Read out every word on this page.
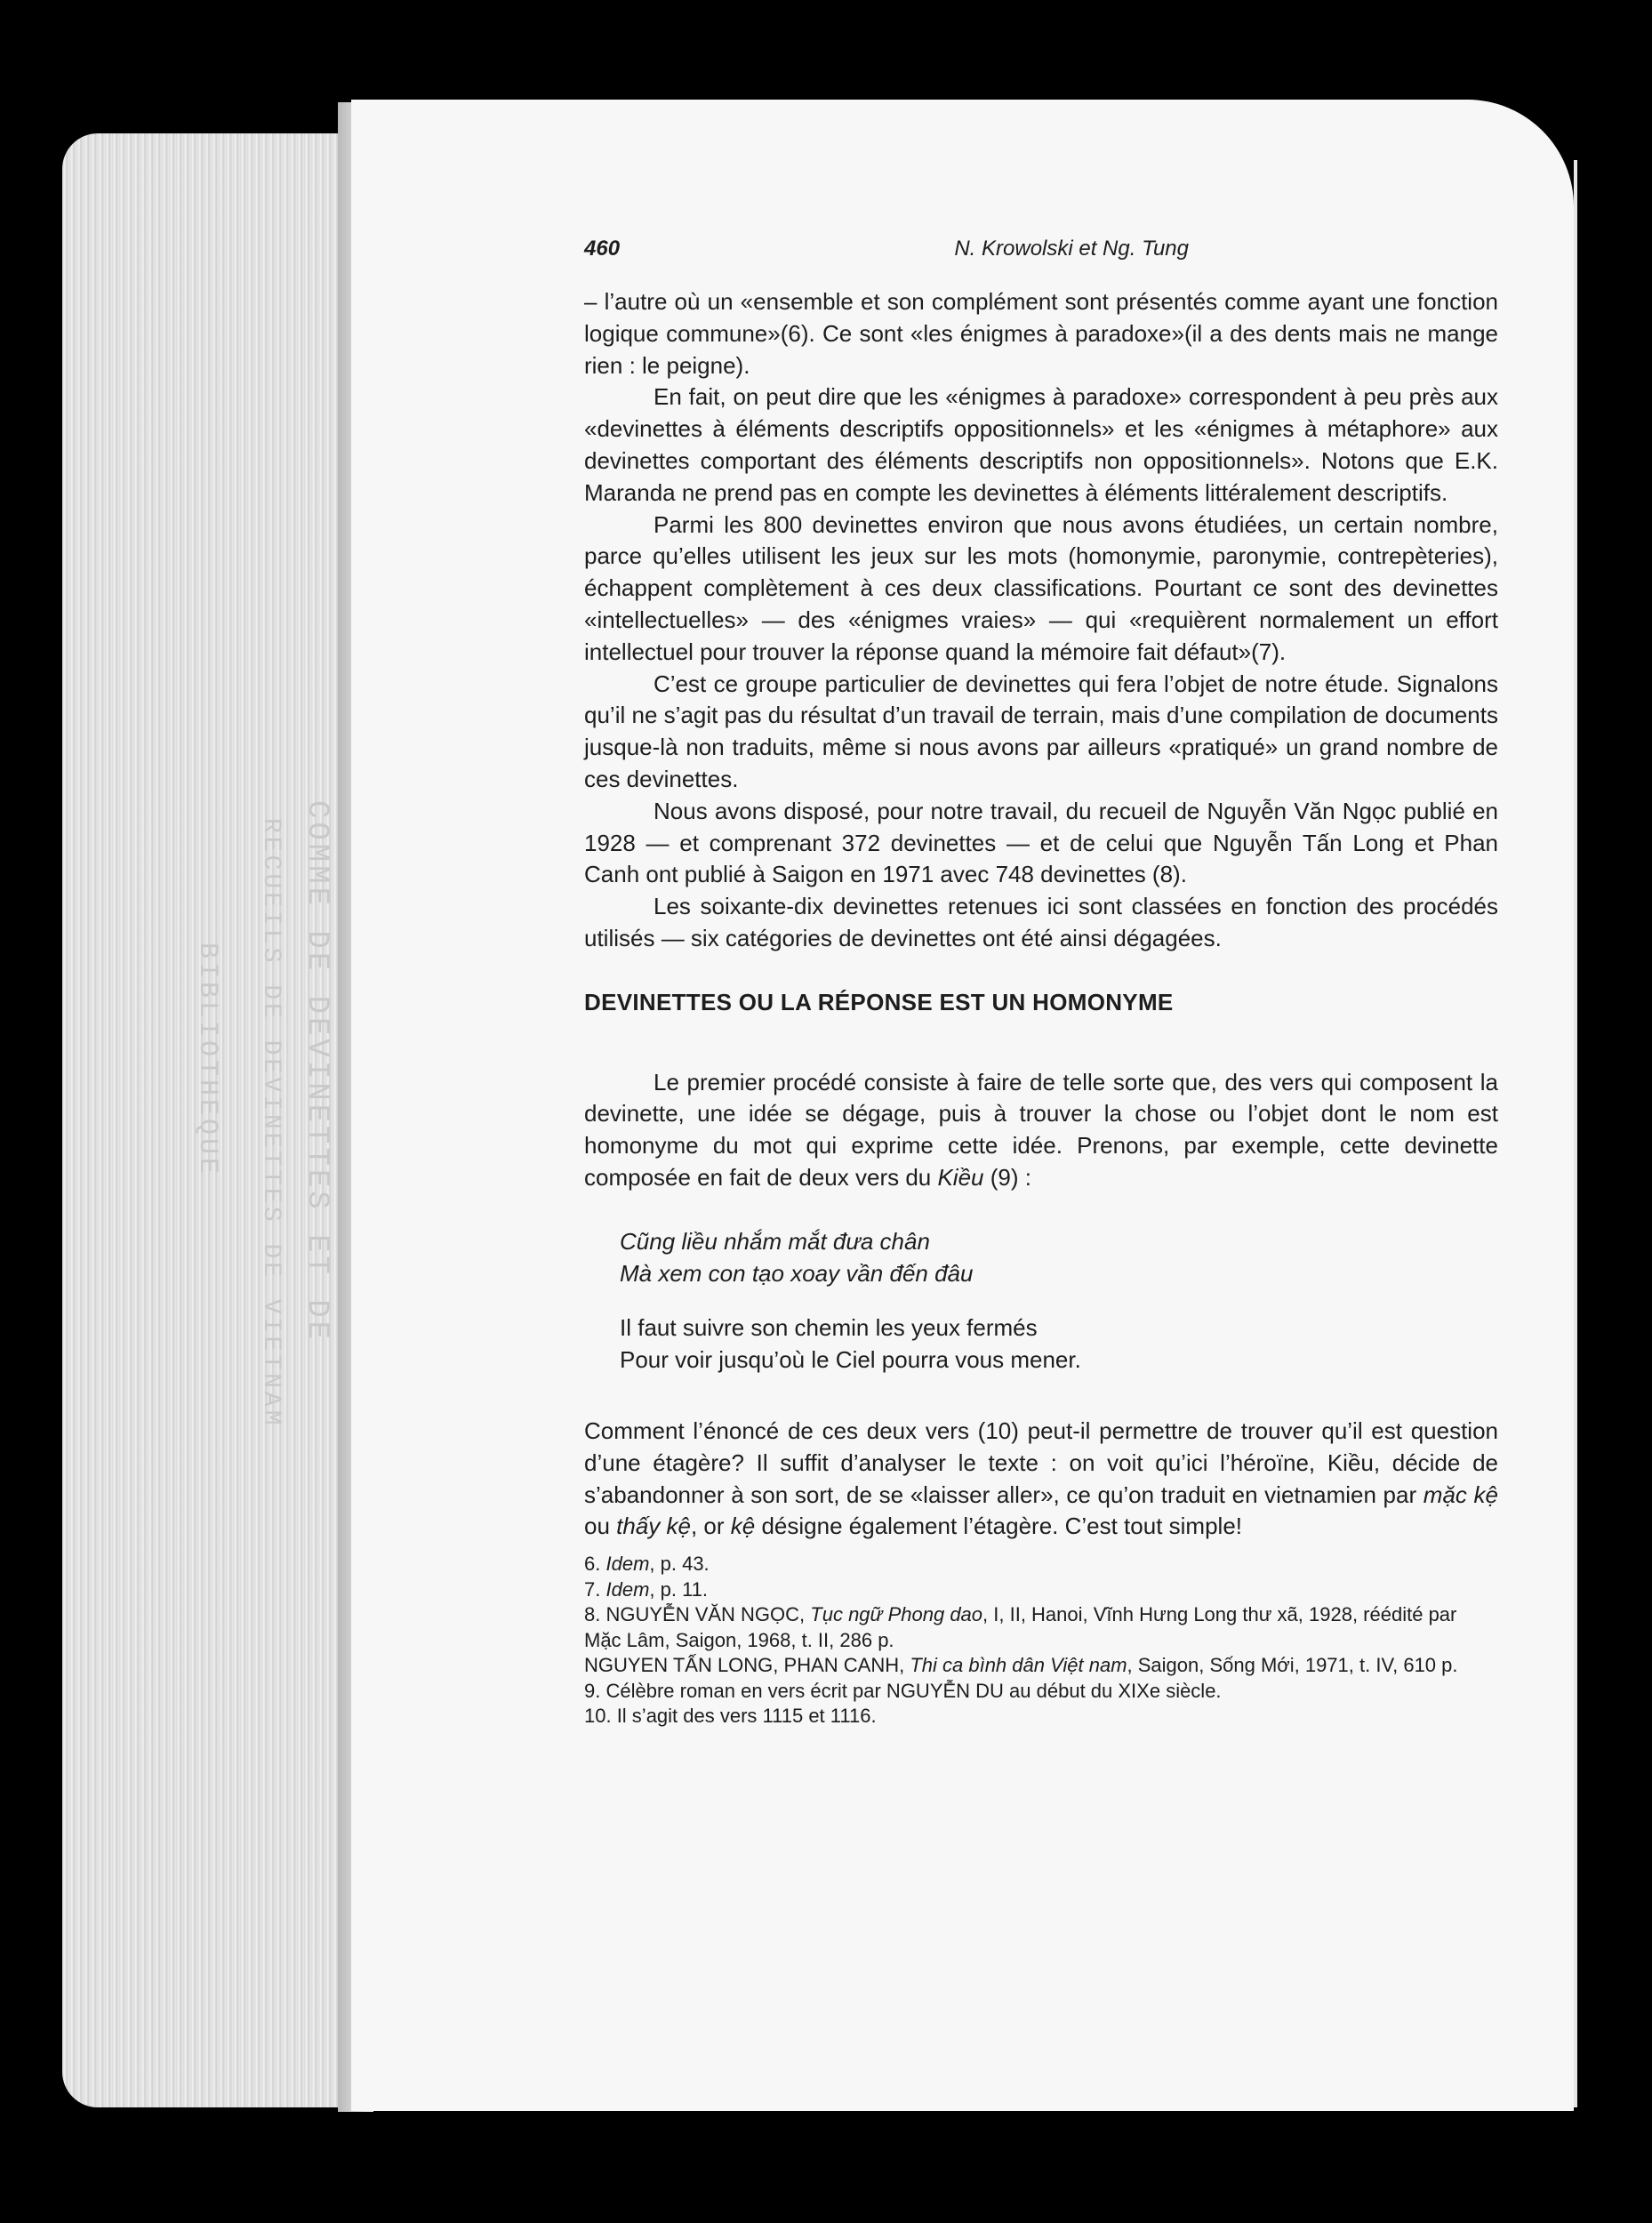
COMME DE DEVINETTES ET DE
RECUEILS DE DEVINETTES DE VIETNAM
BIBLIOTHEQUE
460	N. Krowolski et Ng. Tung

– l’autre où un «ensemble et son complément sont présentés comme ayant une fonction logique commune»(6). Ce sont «les énigmes à paradoxe»(il a des dents mais ne mange rien : le peigne).

En fait, on peut dire que les «énigmes à paradoxe» correspondent à peu près aux «devinettes à éléments descriptifs oppositionnels» et les «énigmes à métaphore» aux devinettes comportant des éléments descriptifs non oppositionnels». Notons que E.K. Maranda ne prend pas en compte les devinettes à éléments littéralement descriptifs.

Parmi les 800 devinettes environ que nous avons étudiées, un certain nombre, parce qu’elles utilisent les jeux sur les mots (homonymie, paronymie, contrepèteries), échappent complètement à ces deux classifications. Pourtant ce sont des devinettes «intellectuelles» — des «énigmes vraies» — qui «requièrent normalement un effort intellectuel pour trouver la réponse quand la mémoire fait défaut»(7).

C’est ce groupe particulier de devinettes qui fera l’objet de notre étude. Signalons qu’il ne s’agit pas du résultat d’un travail de terrain, mais d’une compilation de documents jusque-là non traduits, même si nous avons par ailleurs «pratiqué» un grand nombre de ces devinettes.

Nous avons disposé, pour notre travail, du recueil de Nguyễn Văn Ngọc publié en 1928 — et comprenant 372 devinettes — et de celui que Nguyễn Tấn Long et Phan Canh ont publié à Saigon en 1971 avec 748 devinettes (8).

Les soixante-dix devinettes retenues ici sont classées en fonction des procédés utilisés — six catégories de devinettes ont été ainsi dégagées.

DEVINETTES OU LA RÉPONSE EST UN HOMONYME

Le premier procédé consiste à faire de telle sorte que, des vers qui composent la devinette, une idée se dégage, puis à trouver la chose ou l’objet dont le nom est homonyme du mot qui exprime cette idée. Prenons, par exemple, cette devinette composée en fait de deux vers du Kiều (9) :

Cũng liều nhắm mắt đưa chân
Mà xem con tạo xoay vần đến đâu
Il faut suivre son chemin les yeux fermés
Pour voir jusqu’où le Ciel pourra vous mener.

Comment l’énoncé de ces deux vers (10) peut-il permettre de trouver qu’il est question d’une étagère? Il suffit d’analyser le texte : on voit qu’ici l’héroïne, Kiều, décide de s’abandonner à son sort, de se «laisser aller», ce qu’on traduit en vietnamien par mặc kệ ou thấy kệ, or kệ désigne également l’étagère. C’est tout simple!

6. Idem, p. 43.

7. Idem, p. 11.

8. NGUYỄN VĂN NGỌC, Tục ngữ Phong dao, I, II, Hanoi, Vĩnh Hưng Long thư xã, 1928, réédité par Mặc Lâm, Saigon, 1968, t. II, 286 p.

NGUYEN TẤN LONG, PHAN CANH, Thi ca bình dân Việt nam, Saigon, Sống Mới, 1971, t. IV, 610 p.

9. Célèbre roman en vers écrit par NGUYỄN DU au début du XIXe siècle.

10. Il s’agit des vers 1115 et 1116.
